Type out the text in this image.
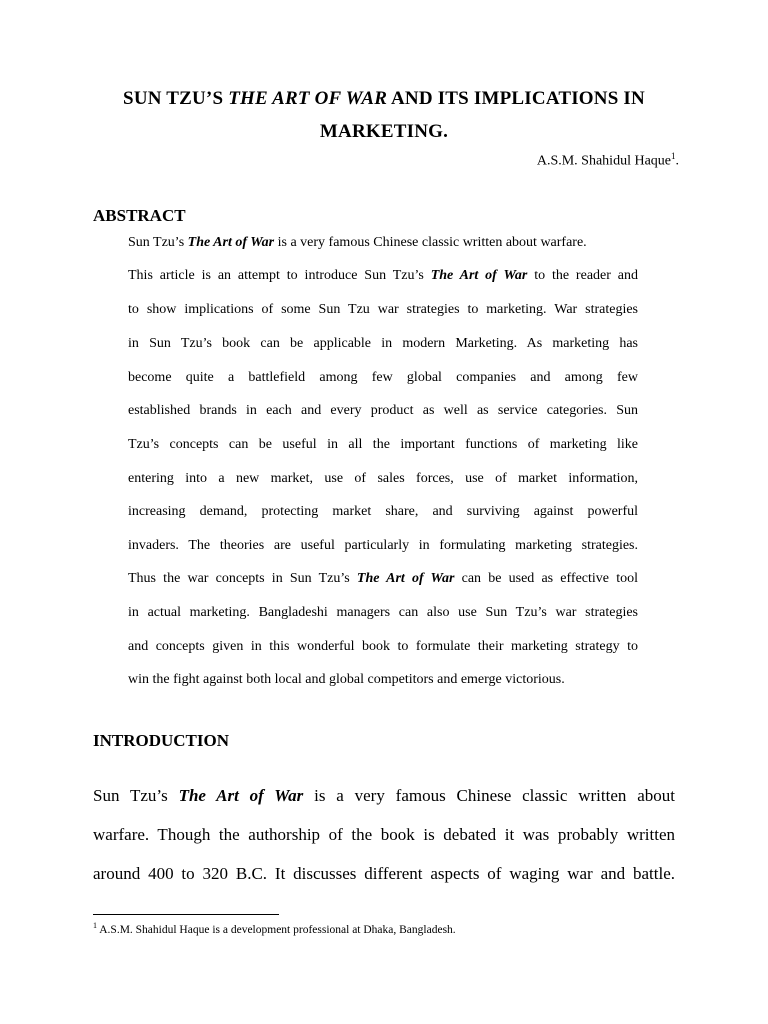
SUN TZU’S THE ART OF WAR AND ITS IMPLICATIONS IN
MARKETING.
A.S.M. Shahidul Haque$^1$.
ABSTRACT
Sun Tzu’s The Art of War is a very famous Chinese classic written about warfare.
This article is an attempt to introduce Sun Tzu’s The Art of War to the reader and
to show implications of some Sun Tzu war strategies to marketing. War strategies
in Sun Tzu’s book can be applicable in modern Marketing. As marketing has
become quite a battlefield among few global companies and among few
established brands in each and every product as well as service categories. Sun
Tzu’s concepts can be useful in all the important functions of marketing like
entering into a new market, use of sales forces, use of market information,
increasing demand, protecting market share, and surviving against powerful
invaders. The theories are useful particularly in formulating marketing strategies.
Thus the war concepts in Sun Tzu’s The Art of War can be used as effective tool
in actual marketing. Bangladeshi managers can also use Sun Tzu’s war strategies
and concepts given in this wonderful book to formulate their marketing strategy to
win the fight against both local and global competitors and emerge victorious.
INTRODUCTION
Sun Tzu’s The Art of War is a very famous Chinese classic written about
warfare. Though the authorship of the book is debated it was probably written
around 400 to 320 B.C. It discusses different aspects of waging war and battle.
$^1$ A.S.M. Shahidul Haque is a development professional at Dhaka, Bangladesh.
